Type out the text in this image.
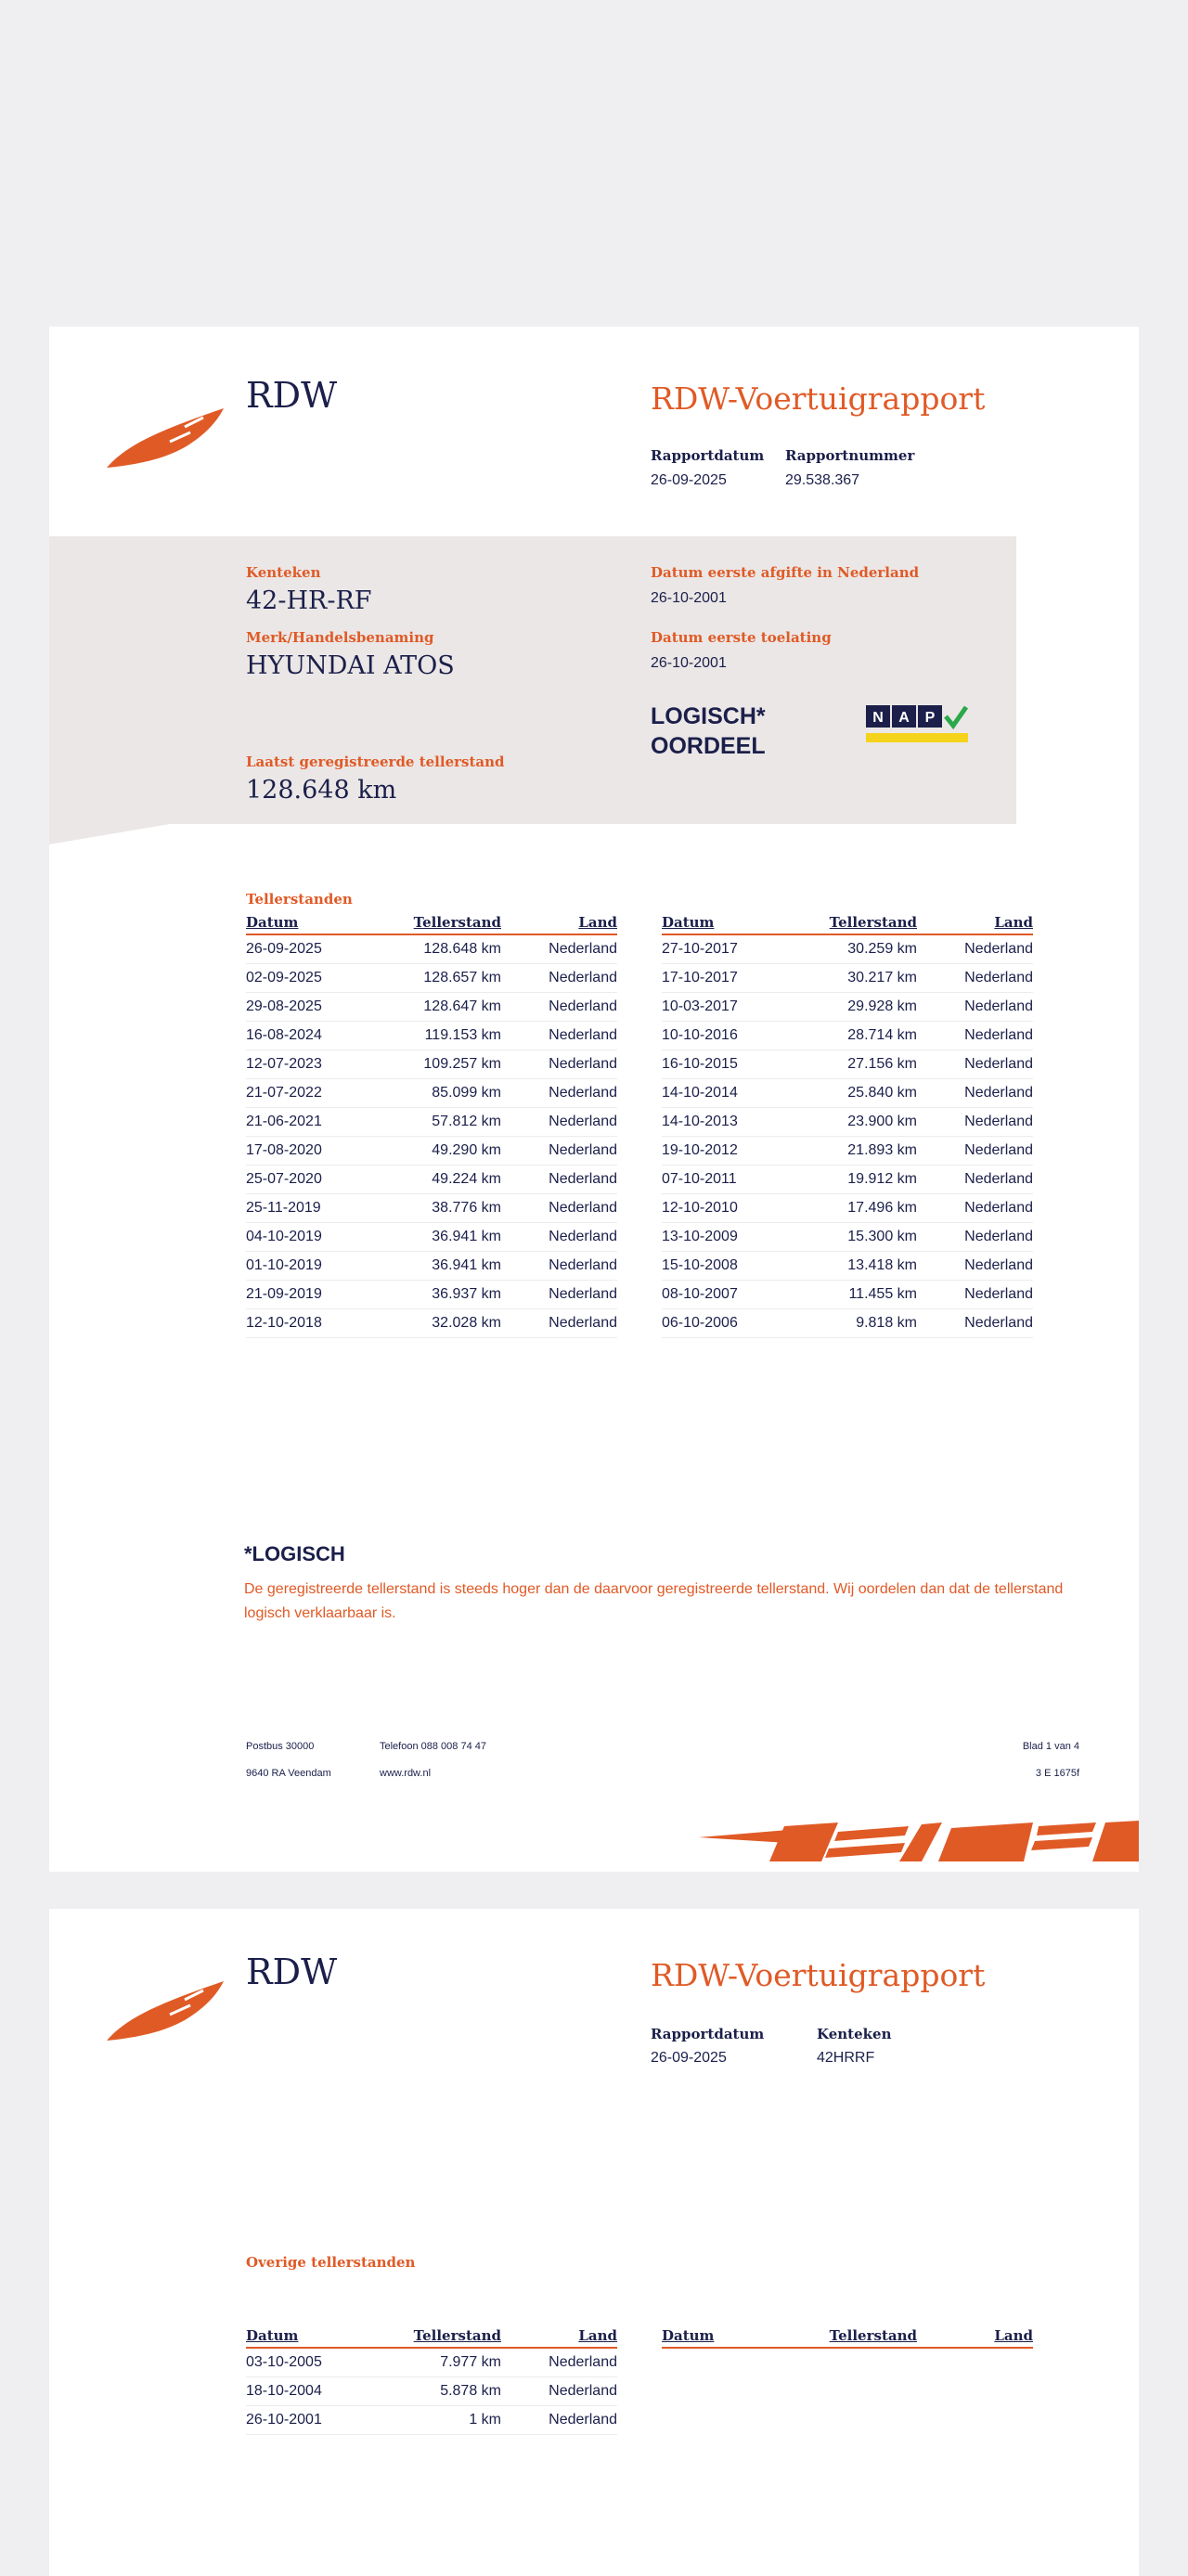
RDW	RDW-Voertuigrapport
Rapportdatum
26-09-2025
Rapportnummer
29.538.367
Kenteken
42-HR-RF
Merk/Handelsbenaming
HYUNDAI ATOS
Laatst geregistreerde tellerstand
128.648 km
Datum eerste afgifte in Nederland
26-10-2001
Datum eerste toelating
26-10-2001
LOGISCH*
OORDEEL
N A P
Tellerstanden
Datum	Tellerstand	Land
26-09-2025	128.648 km	Nederland
02-09-2025	128.657 km	Nederland
29-08-2025	128.647 km	Nederland
16-08-2024	119.153 km	Nederland
12-07-2023	109.257 km	Nederland
21-07-2022	85.099 km	Nederland
21-06-2021	57.812 km	Nederland
17-08-2020	49.290 km	Nederland
25-07-2020	49.224 km	Nederland
25-11-2019	38.776 km	Nederland
04-10-2019	36.941 km	Nederland
01-10-2019	36.941 km	Nederland
21-09-2019	36.937 km	Nederland
12-10-2018	32.028 km	Nederland
Datum	Tellerstand	Land
27-10-2017	30.259 km	Nederland
17-10-2017	30.217 km	Nederland
10-03-2017	29.928 km	Nederland
10-10-2016	28.714 km	Nederland
16-10-2015	27.156 km	Nederland
14-10-2014	25.840 km	Nederland
14-10-2013	23.900 km	Nederland
19-10-2012	21.893 km	Nederland
07-10-2011	19.912 km	Nederland
12-10-2010	17.496 km	Nederland
13-10-2009	15.300 km	Nederland
15-10-2008	13.418 km	Nederland
08-10-2007	11.455 km	Nederland
06-10-2006	9.818 km	Nederland
*LOGISCH
De geregistreerde tellerstand is steeds hoger dan de daarvoor geregistreerde tellerstand. Wij oordelen dan dat de tellerstand logisch verklaarbaar is.
Postbus 30000
9640 RA Veendam
Telefoon 088 008 74 47
www.rdw.nl
Blad 1 van 4
3 E 1675f
RDW	RDW-Voertuigrapport
Rapportdatum
26-09-2025
Kenteken
42HRRF
Overige tellerstanden
Datum	Tellerstand	Land
03-10-2005	7.977 km	Nederland
18-10-2004	5.878 km	Nederland
26-10-2001	1 km	Nederland
Datum	Tellerstand	Land
